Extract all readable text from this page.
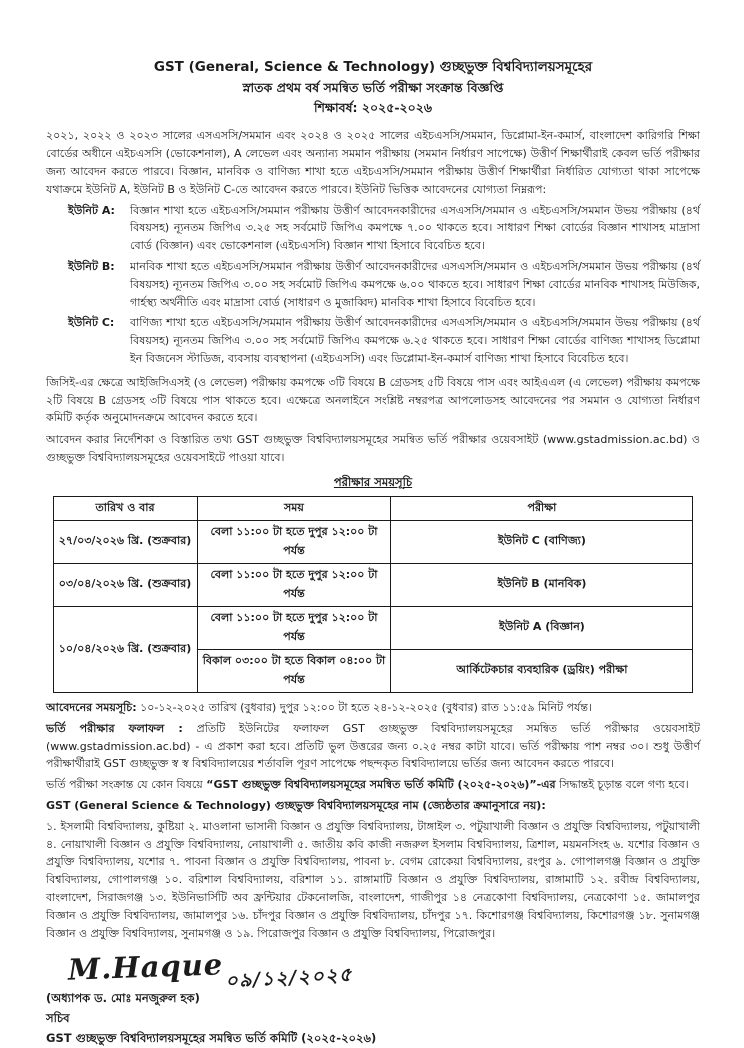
GST (General, Science & Technology) গুচ্ছভুক্ত বিশ্ববিদ্যালয়সমূহের
স্নাতক প্রথম বর্ষ সমন্বিত ভর্তি পরীক্ষা সংক্রান্ত বিজ্ঞপ্তি
শিক্ষাবর্ষ: ২০২৫-২০২৬

২০২১, ২০২২ ও ২০২৩ সালের এসএসসি/সমমান এবং ২০২৪ ও ২০২৫ সালের এইচএসসি/সমমান, ডিপ্লোমা-ইন-কমার্স, বাংলাদেশ কারিগরি শিক্ষা বোর্ডের অধীনে এইচএসসি (ভোকেশনাল), A লেভেল এবং অন্যান্য সমমান পরীক্ষায় (সমমান নির্ধারণ সাপেক্ষে) উত্তীর্ণ শিক্ষার্থীরাই কেবল ভর্তি পরীক্ষার জন্য আবেদন করতে পারবে। বিজ্ঞান, মানবিক ও বাণিজ্য শাখা হতে এইচএসসি/সমমান পরীক্ষায় উত্তীর্ণ শিক্ষার্থীরা নির্ধারিত যোগ্যতা থাকা সাপেক্ষে যথাক্রমে ইউনিট A, ইউনিট B ও ইউনিট C-তে আবেদন করতে পারবে। ইউনিট ভিত্তিক আবেদনের যোগ্যতা নিম্নরূপ:

ইউনিট A:	বিজ্ঞান শাখা হতে এইচএসসি/সমমান পরীক্ষায় উত্তীর্ণ আবেদনকারীদের এসএসসি/সমমান ও এইচএসসি/সমমান উভয় পরীক্ষায় (৪র্থ বিষয়সহ) ন্যূনতম জিপিএ ৩.২৫ সহ সর্বমোট জিপিএ কমপক্ষে ৭.০০ থাকতে হবে। সাধারণ শিক্ষা বোর্ডের বিজ্ঞান শাখাসহ মাদ্রাসা বোর্ড (বিজ্ঞান) এবং ভোকেশনাল (এইচএসসি) বিজ্ঞান শাখা হিসাবে বিবেচিত হবে।
ইউনিট B:	মানবিক শাখা হতে এইচএসসি/সমমান পরীক্ষায় উত্তীর্ণ আবেদনকারীদের এসএসসি/সমমান ও এইচএসসি/সমমান উভয় পরীক্ষায় (৪র্থ বিষয়সহ) ন্যূনতম জিপিএ ৩.০০ সহ সর্বমোট জিপিএ কমপক্ষে ৬.০০ থাকতে হবে। সাধারণ শিক্ষা বোর্ডের মানবিক শাখাসহ মিউজিক, গার্হস্থ্য অর্থনীতি এবং মাদ্রাসা বোর্ড (সাধারণ ও মুজাব্বিদ) মানবিক শাখা হিসাবে বিবেচিত হবে।
ইউনিট C:	বাণিজ্য শাখা হতে এইচএসসি/সমমান পরীক্ষায় উত্তীর্ণ আবেদনকারীদের এসএসসি/সমমান ও এইচএসসি/সমমান উভয় পরীক্ষায় (৪র্থ বিষয়সহ) ন্যূনতম জিপিএ ৩.০০ সহ সর্বমোট জিপিএ কমপক্ষে ৬.২৫ থাকতে হবে। সাধারণ শিক্ষা বোর্ডের বাণিজ্য শাখাসহ ডিপ্লোমা ইন বিজনেস স্টাডিজ, ব্যবসায় ব্যবস্থাপনা (এইচএসসি) এবং ডিপ্লোমা-ইন-কমার্স বাণিজ্য শাখা হিসাবে বিবেচিত হবে।

জিসিই-এর ক্ষেত্রে আইজিসিএসই (ও লেভেল) পরীক্ষায় কমপক্ষে ৩টি বিষয়ে B গ্রেডসহ ৫টি বিষয়ে পাস এবং আইএএল (এ লেভেল) পরীক্ষায় কমপক্ষে ২টি বিষয়ে B গ্রেডসহ ৩টি বিষয়ে পাস থাকতে হবে। এক্ষেত্রে অনলাইনে সংশ্লিষ্ট নম্বরপত্র আপলোডসহ আবেদনের পর সমমান ও যোগ্যতা নির্ধারণ কমিটি কর্তৃক অনুমোদনক্রমে আবেদন করতে হবে।

আবেদন করার নির্দেশিকা ও বিস্তারিত তথ্য GST গুচ্ছভুক্ত বিশ্ববিদ্যালয়সমূহের সমন্বিত ভর্তি পরীক্ষার ওয়েবসাইট (www.gstadmission.ac.bd) ও গুচ্ছভুক্ত বিশ্ববিদ্যালয়সমূহের ওয়েবসাইটে পাওয়া যাবে।

পরীক্ষার সময়সূচি
তারিখ ও বার	সময়	পরীক্ষা
২৭/০৩/২০২৬ খ্রি. (শুক্রবার)	বেলা ১১:০০ টা হতে দুপুর ১২:০০ টা পর্যন্ত	ইউনিট C (বাণিজ্য)
০৩/০৪/২০২৬ খ্রি. (শুক্রবার)	বেলা ১১:০০ টা হতে দুপুর ১২:০০ টা পর্যন্ত	ইউনিট B (মানবিক)
১০/০৪/২০২৬ খ্রি. (শুক্রবার)	বেলা ১১:০০ টা হতে দুপুর ১২:০০ টা পর্যন্ত	ইউনিট A (বিজ্ঞান)
	বিকাল ০৩:০০ টা হতে বিকাল ০৪:০০ টা পর্যন্ত	আর্কিটেকচার ব্যবহারিক (ড্রয়িং) পরীক্ষা

আবেদনের সময়সূচি: ১০-১২-২০২৫ তারিখ (বুধবার) দুপুর ১২:০০ টা হতে ২৪-১২-২০২৫ (বুধবার) রাত ১১:৫৯ মিনিট পর্যন্ত।

ভর্তি পরীক্ষার ফলাফল : প্রতিটি ইউনিটের ফলাফল GST গুচ্ছভুক্ত বিশ্ববিদ্যালয়সমূহের সমন্বিত ভর্তি পরীক্ষার ওয়েবসাইট (www.gstadmission.ac.bd) - এ প্রকাশ করা হবে। প্রতিটি ভুল উত্তরের জন্য ০.২৫ নম্বর কাটা যাবে। ভর্তি পরীক্ষায় পাশ নম্বর ৩০। শুধু উত্তীর্ণ পরীক্ষার্থীরাই GST গুচ্ছভুক্ত স্ব স্ব বিশ্ববিদ্যালয়ের শর্তাবলি পূরণ সাপেক্ষে পছন্দকৃত বিশ্ববিদ্যালয়ে ভর্তির জন্য আবেদন করতে পারবে।

ভর্তি পরীক্ষা সংক্রান্ত যে কোন বিষয়ে “GST গুচ্ছভুক্ত বিশ্ববিদ্যালয়সমূহের সমন্বিত ভর্তি কমিটি (২০২৫-২০২৬)”-এর সিদ্ধান্তই চূড়ান্ত বলে গণ্য হবে।

GST (General Science & Technology) গুচ্ছভুক্ত বিশ্ববিদ্যালয়সমূহের নাম (জ্যেষ্ঠতার ক্রমানুসারে নয়):

১. ইসলামী বিশ্ববিদ্যালয়, কুষ্টিয়া ২. মাওলানা ভাসানী বিজ্ঞান ও প্রযুক্তি বিশ্ববিদ্যালয়, টাঙ্গাইল ৩. পটুয়াখালী বিজ্ঞান ও প্রযুক্তি বিশ্ববিদ্যালয়, পটুয়াখালী ৪. নোয়াখালী বিজ্ঞান ও প্রযুক্তি বিশ্ববিদ্যালয়, নোয়াখালী ৫. জাতীয় কবি কাজী নজরুল ইসলাম বিশ্ববিদ্যালয়, ত্রিশাল, ময়মনসিংহ ৬. যশোর বিজ্ঞান ও প্রযুক্তি বিশ্ববিদ্যালয়, যশোর ৭. পাবনা বিজ্ঞান ও প্রযুক্তি বিশ্ববিদ্যালয়, পাবনা ৮. বেগম রোকেয়া বিশ্ববিদ্যালয়, রংপুর ৯. গোপালগঞ্জ বিজ্ঞান ও প্রযুক্তি বিশ্ববিদ্যালয়, গোপালগঞ্জ ১০. বরিশাল বিশ্ববিদ্যালয়, বরিশাল ১১. রাঙ্গামাটি বিজ্ঞান ও প্রযুক্তি বিশ্ববিদ্যালয়, রাঙ্গামাটি ১২. রবীন্দ্র বিশ্ববিদ্যালয়, বাংলাদেশ, সিরাজগঞ্জ ১৩. ইউনিভার্সিটি অব ফ্রন্টিয়ার টেকনোলজি, বাংলাদেশ, গাজীপুর ১৪ নেত্রকোণা বিশ্ববিদ্যালয়, নেত্রকোণা ১৫. জামালপুর বিজ্ঞান ও প্রযুক্তি বিশ্ববিদ্যালয়, জামালপুর ১৬. চাঁদপুর বিজ্ঞান ও প্রযুক্তি বিশ্ববিদ্যালয়, চাঁদপুর ১৭. কিশোরগঞ্জ বিশ্ববিদ্যালয়, কিশোরগঞ্জ ১৮. সুনামগঞ্জ বিজ্ঞান ও প্রযুক্তি বিশ্ববিদ্যালয়, সুনামগঞ্জ ও ১৯. পিরোজপুর বিজ্ঞান ও প্রযুক্তি বিশ্ববিদ্যালয়, পিরোজপুর।

M.Haque০৯/১২/২০২৫
(অধ্যাপক ড. মোঃ মনজুরুল হক)
সচিব
GST গুচ্ছভুক্ত বিশ্ববিদ্যালয়সমূহের সমন্বিত ভর্তি কমিটি (২০২৫-২০২৬)
